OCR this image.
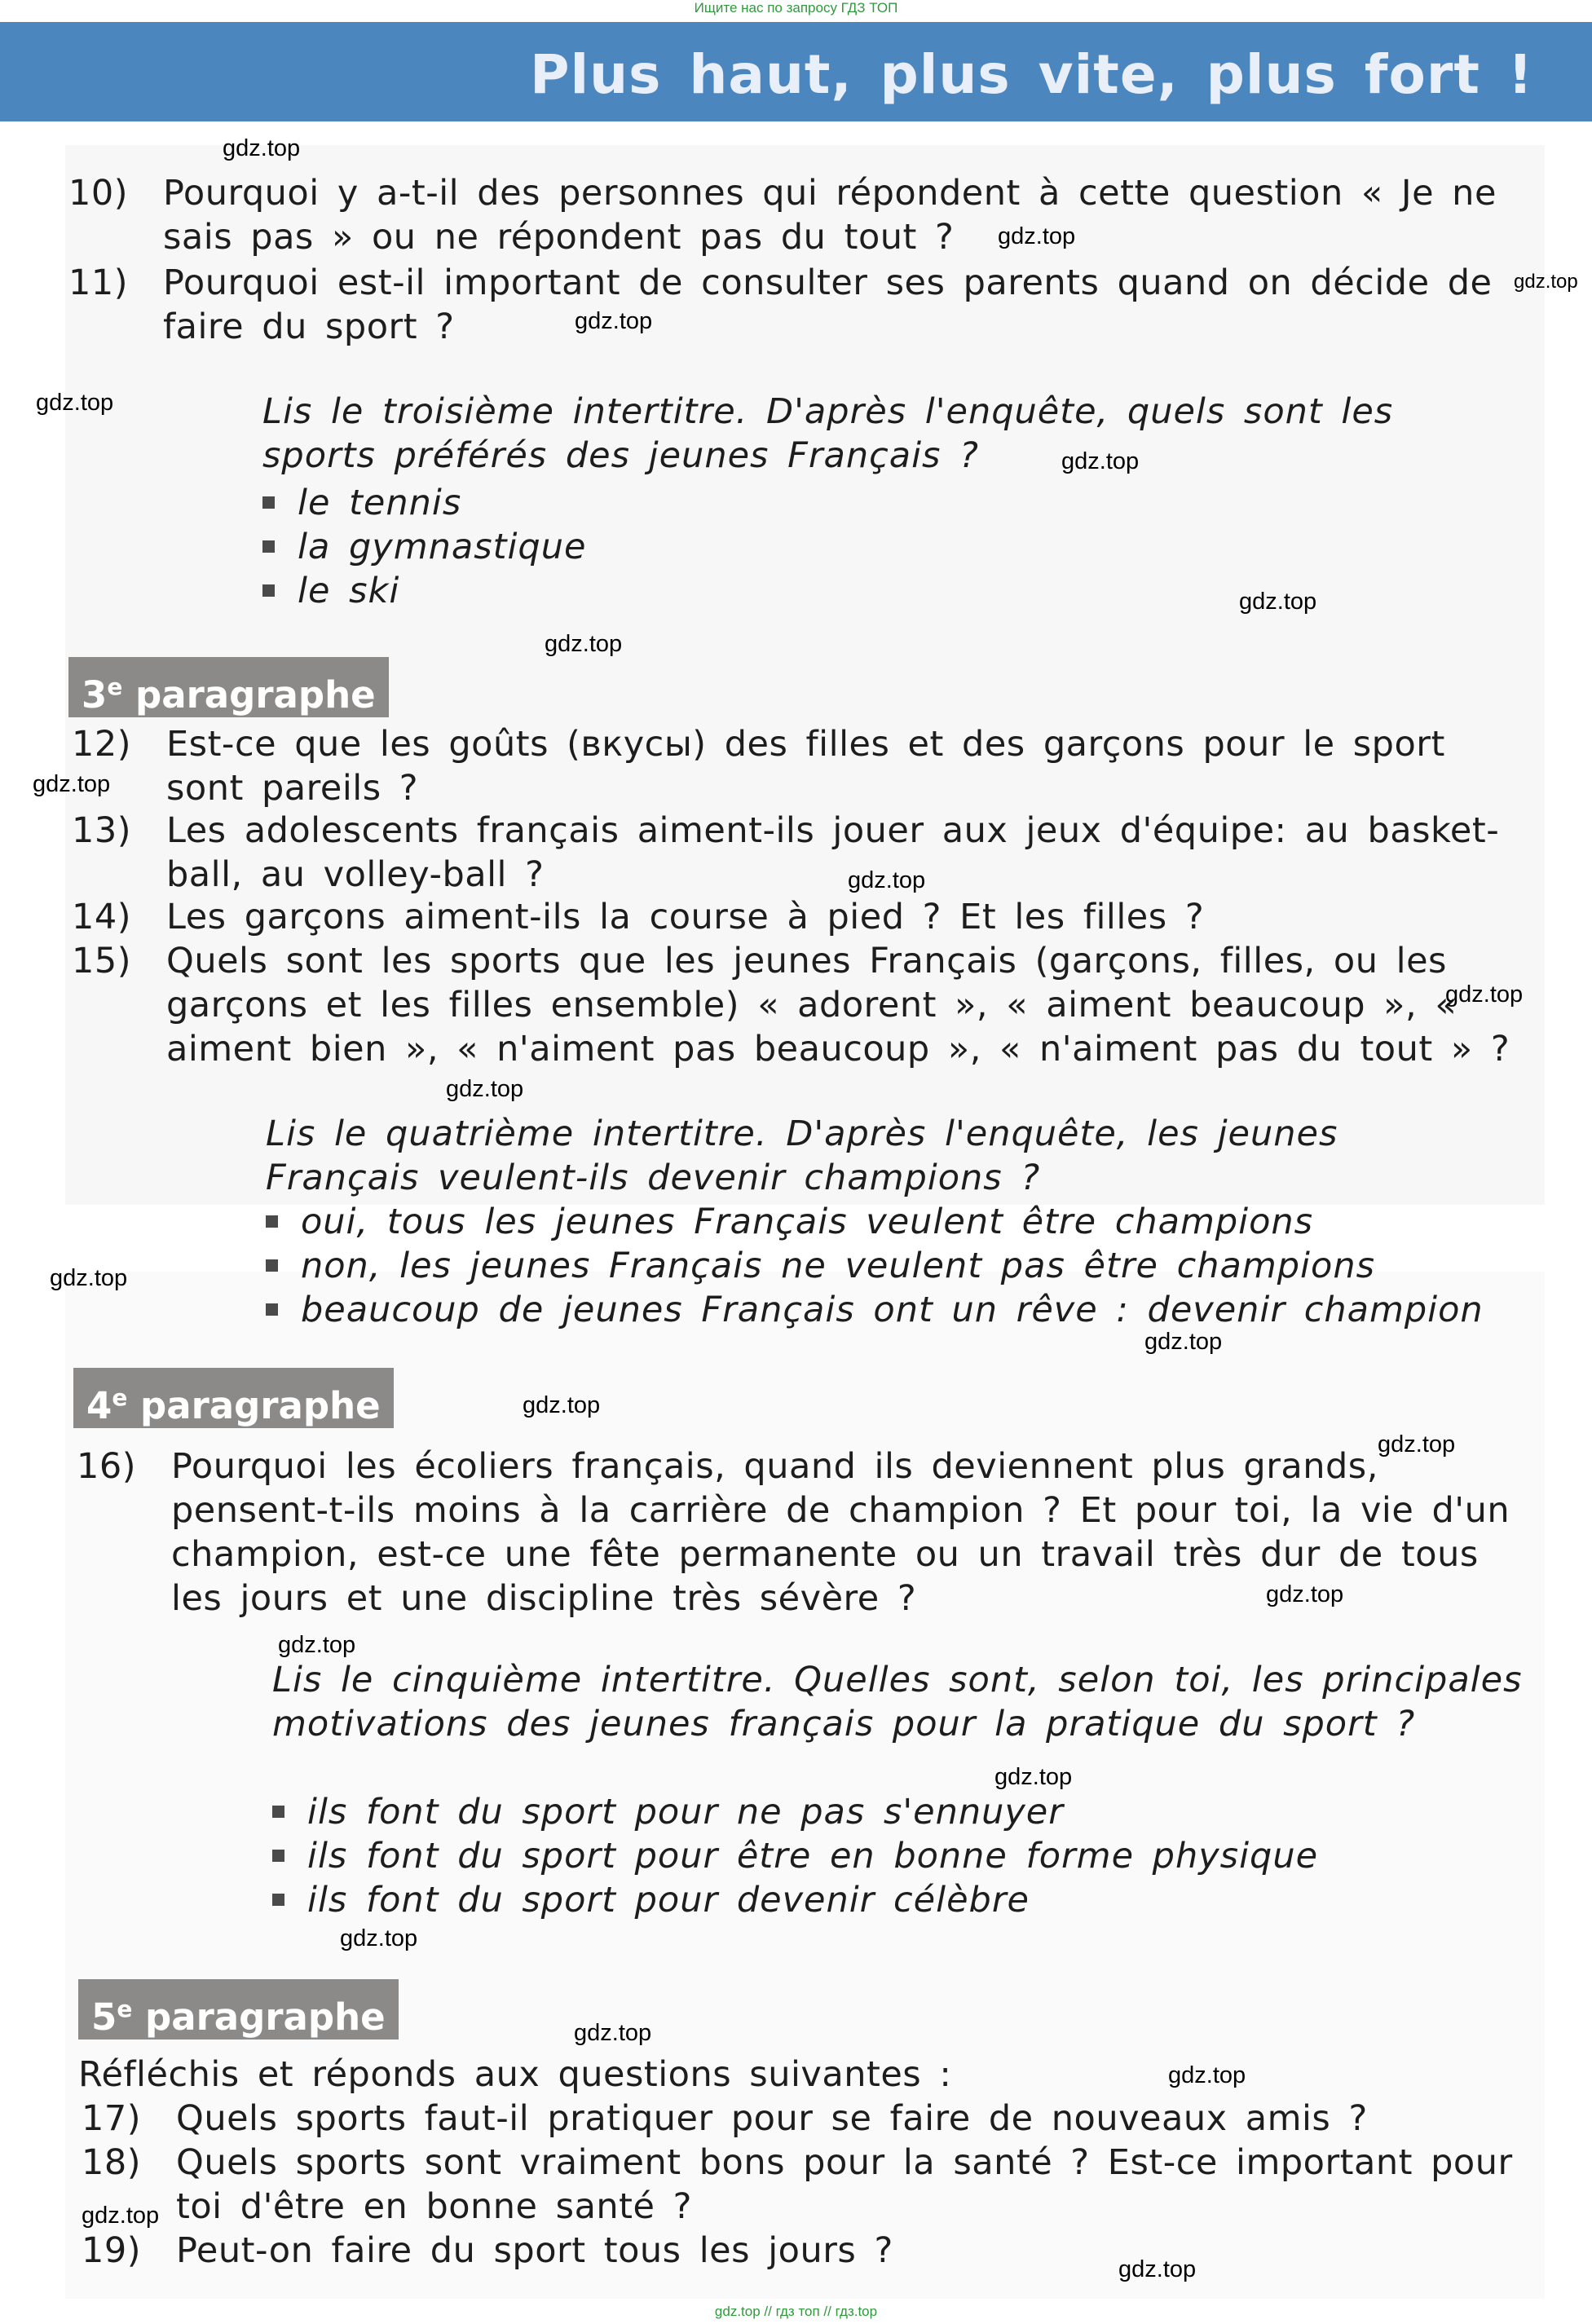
Ищите нас по запросу ГДЗ ТОП
Plus haut, plus vite, plus fort !
10)	Pourquoi y a-t-il des personnes qui répondent à cette question « Je ne sais pas » ou ne répondent pas du tout ?
11)	Pourquoi est-il important de consulter ses parents quand on décide de faire du sport ?
Lis le troisième intertitre. D'après l'enquête, quels sont les sports préférés des jeunes Français ?
le tennis
la gymnastique
le ski
3e paragraphe
12)	Est-ce que les goûts (вкусы) des filles et des garçons pour le sport sont pareils ?
13)	Les adolescents français aiment-ils jouer aux jeux d'équipe: au basket-ball, au volley-ball ?
14)	Les garçons aiment-ils la course à pied ? Et les filles ?
15)	Quels sont les sports que les jeunes Français (garçons, filles, ou les garçons et les filles ensemble) « adorent », « aiment beaucoup », « aiment bien », « n'aiment pas beaucoup », « n'aiment pas du tout » ?
Lis le quatrième intertitre. D'après l'enquête, les jeunes Français veulent-ils devenir champions ?
oui, tous les jeunes Français veulent être champions
non, les jeunes Français ne veulent pas être champions
beaucoup de jeunes Français ont un rêve : devenir champion
4e paragraphe
16)	Pourquoi les écoliers français, quand ils deviennent plus grands, pensent-t-ils moins à la carrière de champion ? Et pour toi, la vie d'un champion, est-ce une fête permanente ou un travail très dur de tous les jours et une discipline très sévère ?
Lis le cinquième intertitre. Quelles sont, selon toi, les principales motivations des jeunes français pour la pratique du sport ?
ils font du sport pour ne pas s'ennuyer
ils font du sport pour être en bonne forme physique
ils font du sport pour devenir célèbre
5e paragraphe
Réfléchis et réponds aux questions suivantes :
17)	Quels sports faut-il pratiquer pour se faire de nouveaux amis ?
18)	Quels sports sont vraiment bons pour la santé ? Est-ce important pour toi d'être en bonne santé ?
19)	Peut-on faire du sport tous les jours ?
gdz.top
gdz.top
gdz.top
gdz.top
gdz.top
gdz.top
gdz.top
gdz.top
gdz.top
gdz.top
gdz.top
gdz.top
gdz.top
gdz.top
gdz.top
gdz.top
gdz.top
gdz.top
gdz.top
gdz.top
gdz.top
gdz.top
gdz.top
gdz.top
gdz.top // гдз топ // гдз.top
